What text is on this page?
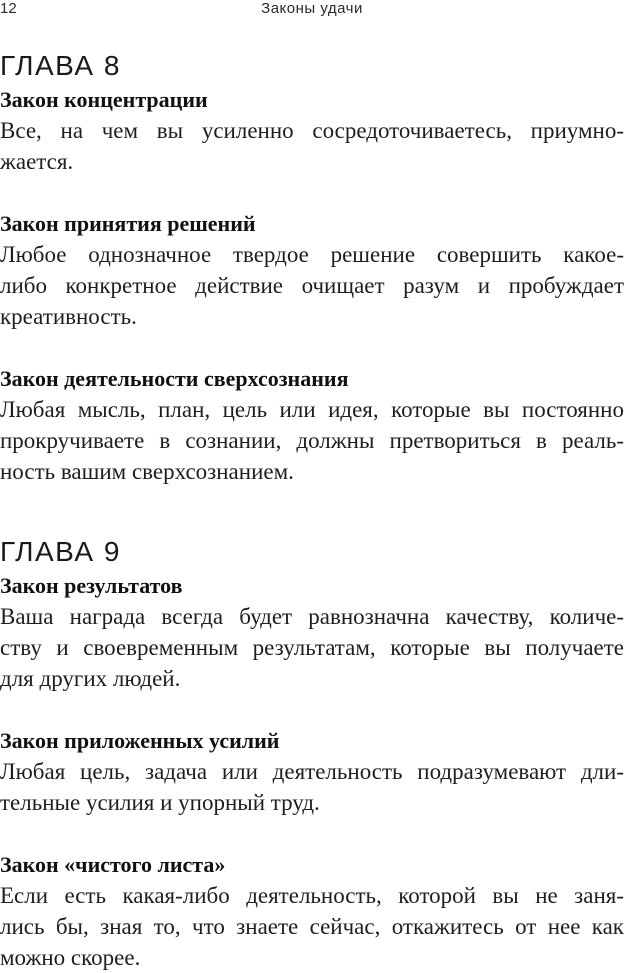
12	Законы удачи
ГЛАВА 8
Закон концентрации

Все, на чем вы усиленно сосредоточиваетесь, приумно-
жается.

Закон принятия решений

Любое однозначное твердое решение совершить какое-
либо конкретное действие очищает разум и пробуждает
креативность.

Закон деятельности сверхсознания

Любая мысль, план, цель или идея, которые вы постоянно
прокручиваете в сознании, должны претвориться в реаль-
ность вашим сверхсознанием.

ГЛАВА 9
Закон результатов

Ваша награда всегда будет равнозначна качеству, количе-
ству и своевременным результатам, которые вы получаете
для других людей.

Закон приложенных усилий

Любая цель, задача или деятельность подразумевают дли-
тельные усилия и упорный труд.

Закон «чистого листа»

Если есть какая-либо деятельность, которой вы не заня-
лись бы, зная то, что знаете сейчас, откажитесь от нее как
можно скорее.
